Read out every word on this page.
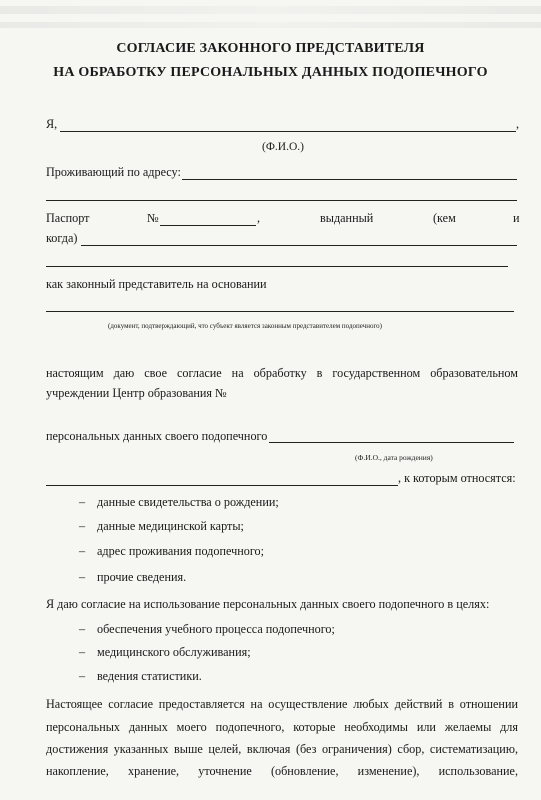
СОГЛАСИЕ ЗАКОННОГО ПРЕДСТАВИТЕЛЯ
НА ОБРАБОТКУ ПЕРСОНАЛЬНЫХ ДАННЫХ ПОДОПЕЧНОГО
Я,	,
(Ф.И.О.)
Проживающий по адресу:
Паспорт	№	,	выданный	(кем	и
когда)
как законный представитель на основании
(документ, подтверждающий, что субъект является законным представителем подопечного)
настоящим даю свое согласие на обработку в государственном образовательном
учреждении Центр образования №
персональных данных своего подопечного
(Ф.И.О., дата рождения)
, к которым относятся:
– данные свидетельства о рождении;
– данные медицинской карты;
– адрес проживания подопечного;
– прочие сведения.
Я даю согласие на использование персональных данных своего подопечного в целях:
– обеспечения учебного процесса подопечного;
– медицинского обслуживания;
– ведения статистики.
Настоящее согласие предоставляется на осуществление любых действий в отношении
персональных данных моего подопечного, которые необходимы или желаемы для
достижения указанных выше целей, включая (без ограничения) сбор, систематизацию,
накопление, хранение, уточнение (обновление, изменение), использование,
